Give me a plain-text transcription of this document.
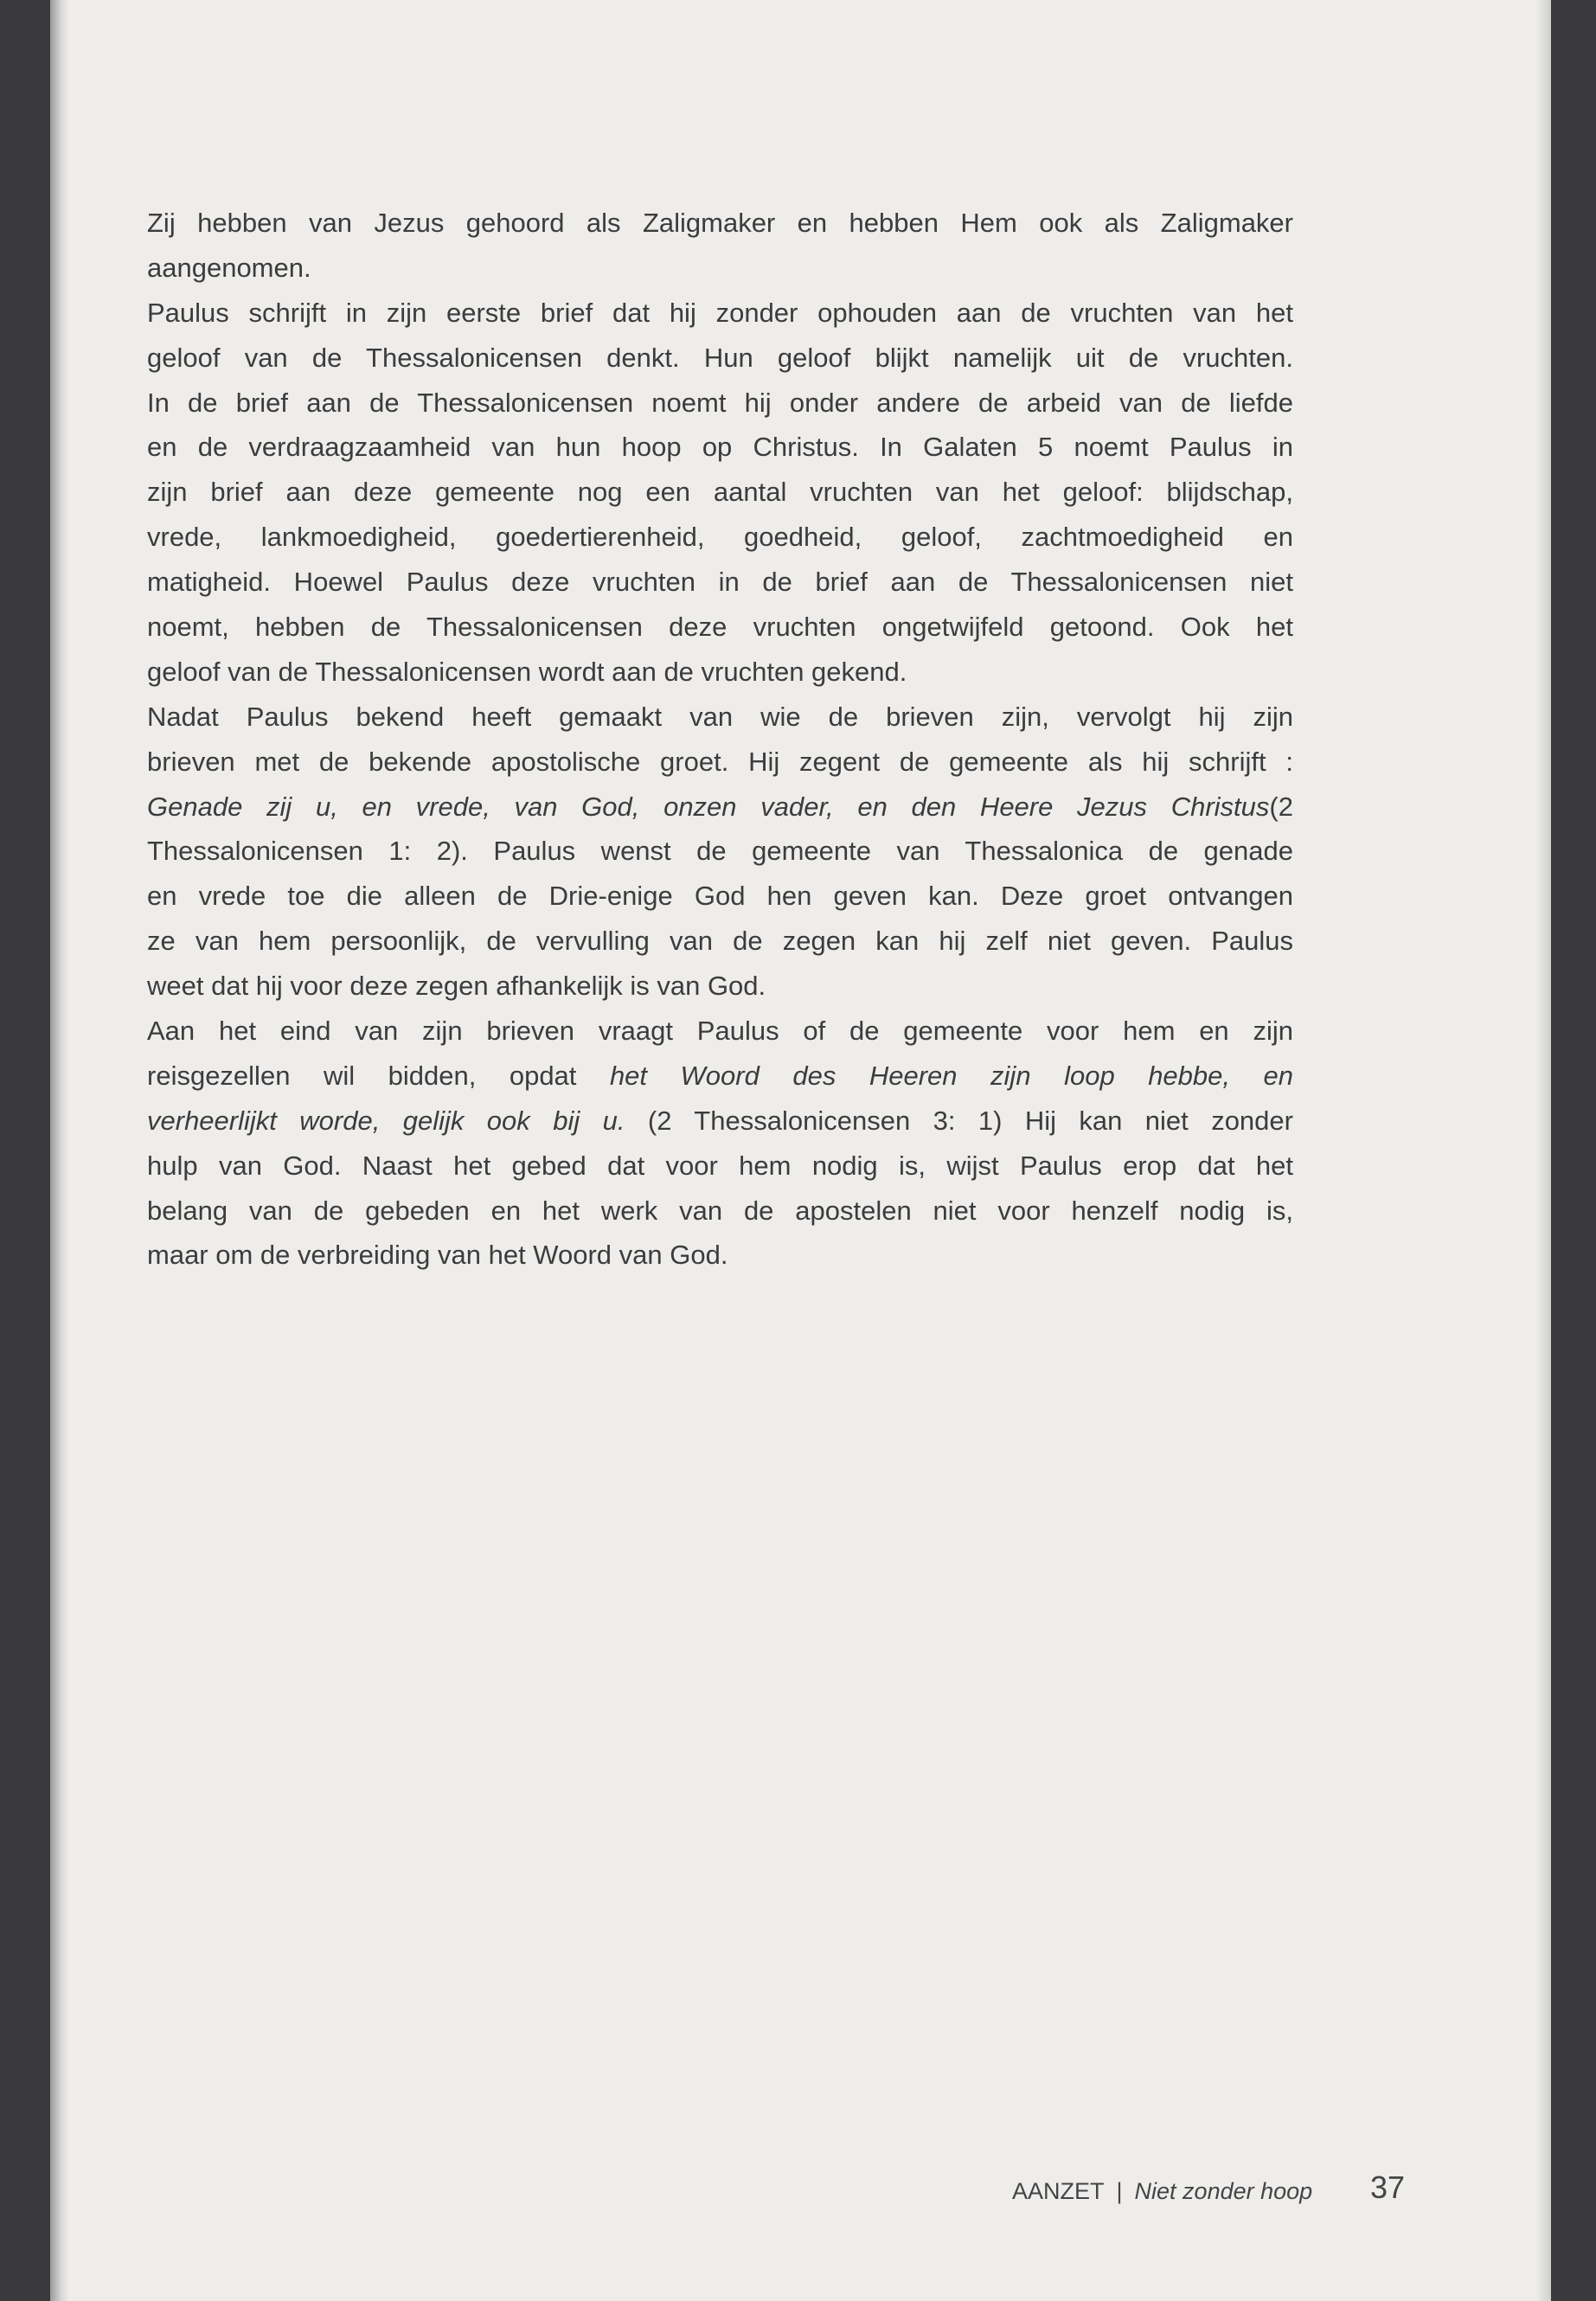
Zij hebben van Jezus gehoord als Zaligmaker en hebben Hem ook als Zaligmaker
aangenomen.
Paulus schrijft in zijn eerste brief dat hij zonder ophouden aan de vruchten van het
geloof van de Thessalonicensen denkt. Hun geloof blijkt namelijk uit de vruchten.
In de brief aan de Thessalonicensen noemt hij onder andere de arbeid van de liefde
en de verdraagzaamheid van hun hoop op Christus. In Galaten 5 noemt Paulus in
zijn brief aan deze gemeente nog een aantal vruchten van het geloof: blijdschap,
vrede, lankmoedigheid, goedertierenheid, goedheid, geloof, zachtmoedigheid en
matigheid. Hoewel Paulus deze vruchten in de brief aan de Thessalonicensen niet
noemt, hebben de Thessalonicensen deze vruchten ongetwijfeld getoond. Ook het
geloof van de Thessalonicensen wordt aan de vruchten gekend.
Nadat Paulus bekend heeft gemaakt van wie de brieven zijn, vervolgt hij zijn
brieven met de bekende apostolische groet. Hij zegent de gemeente als hij schrijft :
Genade zij u, en vrede, van God, onzen vader, en den Heere Jezus Christus(2
Thessalonicensen 1: 2). Paulus wenst de gemeente van Thessalonica de genade
en vrede toe die alleen de Drie-enige God hen geven kan. Deze groet ontvangen
ze van hem persoonlijk, de vervulling van de zegen kan hij zelf niet geven. Paulus
weet dat hij voor deze zegen afhankelijk is van God.
Aan het eind van zijn brieven vraagt Paulus of de gemeente voor hem en zijn
reisgezellen wil bidden, opdat het Woord des Heeren zijn loop hebbe, en
verheerlijkt worde, gelijk ook bij u. (2 Thessalonicensen 3: 1) Hij kan niet zonder
hulp van God. Naast het gebed dat voor hem nodig is, wijst Paulus erop dat het
belang van de gebeden en het werk van de apostelen niet voor henzelf nodig is,
maar om de verbreiding van het Woord van God.
AANZET | Niet zonder hoop 37
